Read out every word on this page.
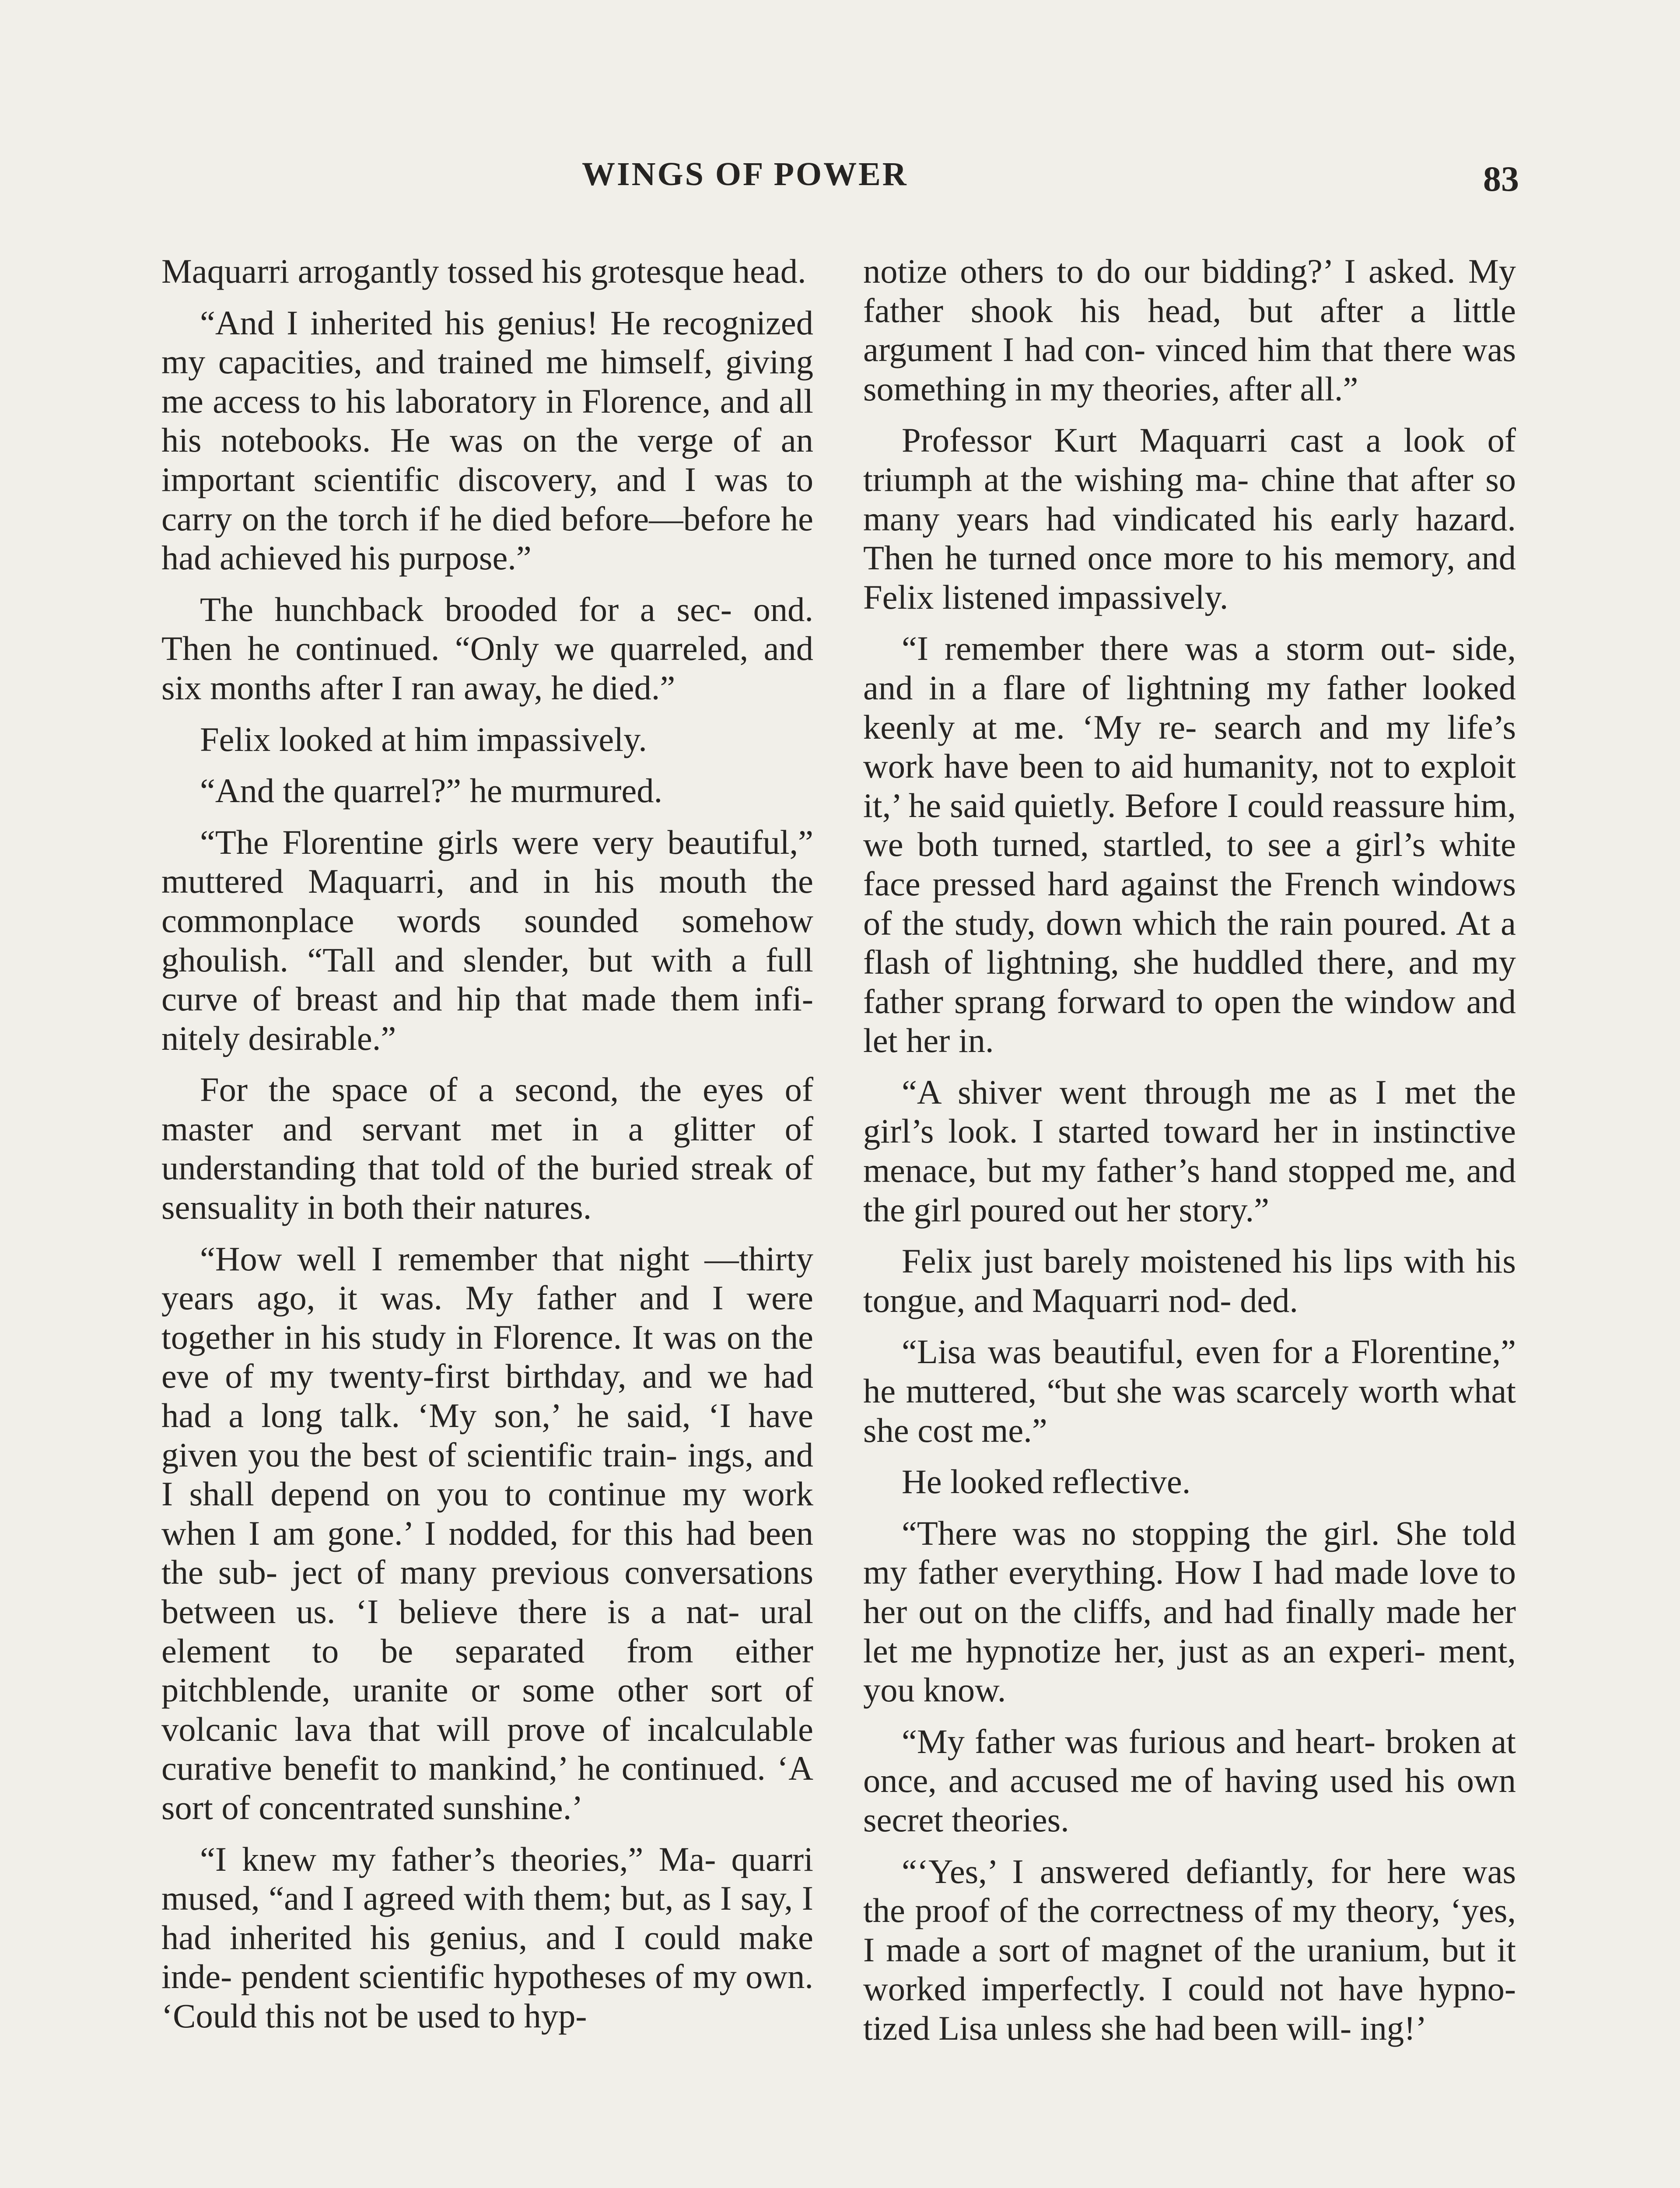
WINGS OF POWER	83

Maquarri arrogantly tossed his grotesque head.

“And I inherited his genius! He recognized my capacities, and trained me himself, giving me access to his laboratory in Florence, and all his notebooks. He was on the verge of an important scientific discovery, and I was to carry on the torch if he died before—before he had achieved his purpose.”

The hunchback brooded for a sec- ond. Then he continued. “Only we quarreled, and six months after I ran away, he died.”

Felix looked at him impassively.

“And the quarrel?” he murmured.

“The Florentine girls were very beautiful,” muttered Maquarri, and in his mouth the commonplace words sounded somehow ghoulish. “Tall and slender, but with a full curve of breast and hip that made them infi- nitely desirable.”

For the space of a second, the eyes of master and servant met in a glitter of understanding that told of the buried streak of sensuality in both their natures.

“How well I remember that night —thirty years ago, it was. My father and I were together in his study in Florence. It was on the eve of my twenty-first birthday, and we had had a long talk. ‘My son,’ he said, ‘I have given you the best of scientific train- ings, and I shall depend on you to continue my work when I am gone.’ I nodded, for this had been the sub- ject of many previous conversations between us. ‘I believe there is a nat- ural element to be separated from either pitchblende, uranite or some other sort of volcanic lava that will prove of incalculable curative benefit to mankind,’ he continued. ‘A sort of concentrated sunshine.’

“I knew my father’s theories,” Ma- quarri mused, “and I agreed with them; but, as I say, I had inherited his genius, and I could make inde- pendent scientific hypotheses of my own. ‘Could this not be used to hyp-

notize others to do our bidding?’ I asked. My father shook his head, but after a little argument I had con- vinced him that there was something in my theories, after all.”

Professor Kurt Maquarri cast a look of triumph at the wishing ma- chine that after so many years had vindicated his early hazard. Then he turned once more to his memory, and Felix listened impassively.

“I remember there was a storm out- side, and in a flare of lightning my father looked keenly at me. ‘My re- search and my life’s work have been to aid humanity, not to exploit it,’ he said quietly. Before I could reassure him, we both turned, startled, to see a girl’s white face pressed hard against the French windows of the study, down which the rain poured. At a flash of lightning, she huddled there, and my father sprang forward to open the window and let her in.

“A shiver went through me as I met the girl’s look. I started toward her in instinctive menace, but my father’s hand stopped me, and the girl poured out her story.”

Felix just barely moistened his lips with his tongue, and Maquarri nod- ded.

“Lisa was beautiful, even for a Florentine,” he muttered, “but she was scarcely worth what she cost me.”

He looked reflective.

“There was no stopping the girl. She told my father everything. How I had made love to her out on the cliffs, and had finally made her let me hypnotize her, just as an experi- ment, you know.

“My father was furious and heart- broken at once, and accused me of having used his own secret theories.

“‘Yes,’ I answered defiantly, for here was the proof of the correctness of my theory, ‘yes, I made a sort of magnet of the uranium, but it worked imperfectly. I could not have hypno- tized Lisa unless she had been will- ing!’
